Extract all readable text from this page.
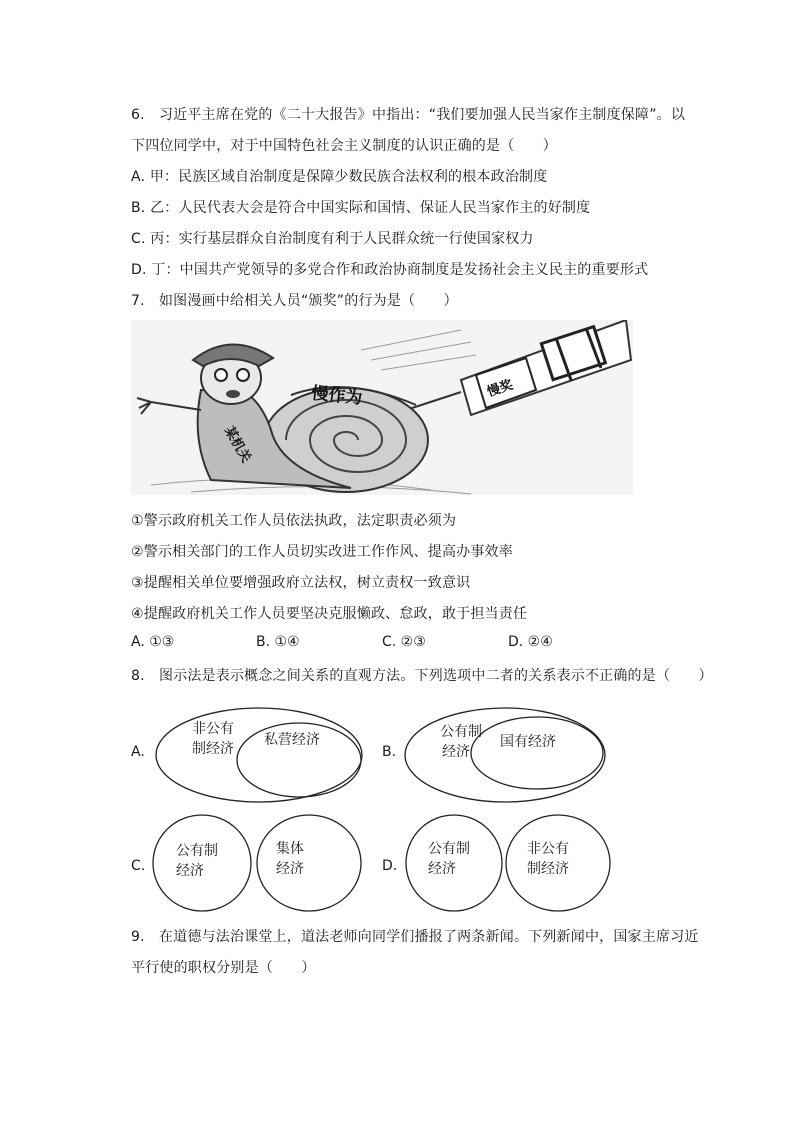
6.　习近平主席在党的《二十大报告》中指出：“我们要加强人民当家作主制度保障”。以
下四位同学中，对于中国特色社会主义制度的认识正确的是（　　）
A. 甲：民族区域自治制度是保障少数民族合法权利的根本政治制度
B. 乙：人民代表大会是符合中国实际和国情、保证人民当家作主的好制度
C. 丙：实行基层群众自治制度有利于人民群众统一行使国家权力
D. 丁：中国共产党领导的多党合作和政治协商制度是发扬社会主义民主的重要形式
7.　如图漫画中给相关人员“颁奖”的行为是（　　）
慢奖
慢作为
某机关
①警示政府机关工作人员依法执政，法定职责必须为
②警示相关部门的工作人员切实改进工作作风、提高办事效率
③提醒相关单位要增强政府立法权，树立责权一致意识
④提醒政府机关工作人员要坚决克服懒政、怠政，敢于担当责任
A. ①③	B. ①④	C. ②③	D. ②④
8.　图示法是表示概念之间关系的直观方法。下列选项中二者的关系表示不正确的是（　　）
A.
非公有
制经济
私营经济
B.
公有制
经济
国有经济
C.
公有制
经济
集体
经济	D.
公有制
经济
非公有
制经济
9.　在道德与法治课堂上，道法老师向同学们播报了两条新闻。下列新闻中，国家主席习近
平行使的职权分别是（　　）
